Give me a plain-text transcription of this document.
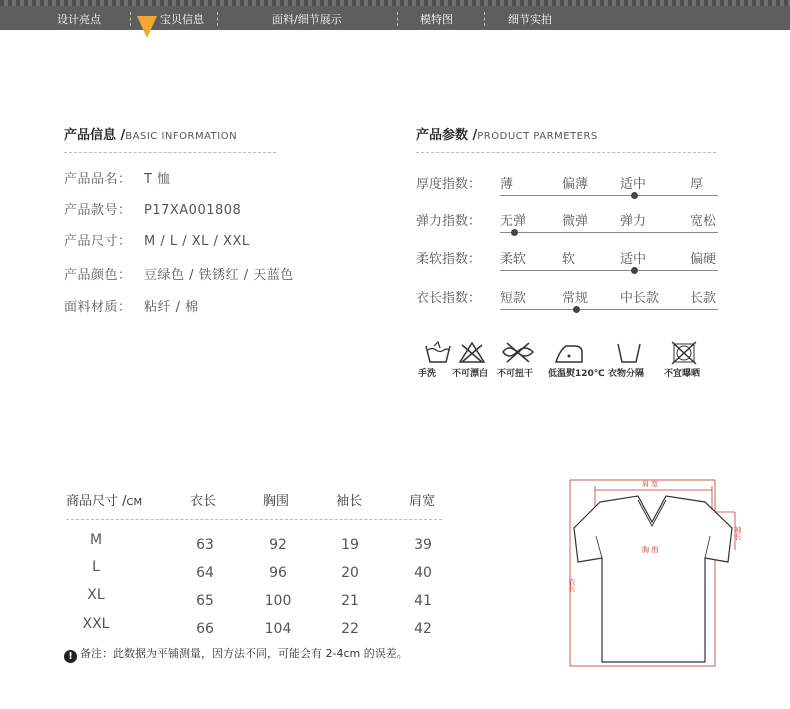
设计亮点	宝贝信息	面料/细节展示	模特图	细节实拍
产品信息 /BASIC INFORMATION
产品品名： T 恤
产品款号： P17XA001808
产品尺寸： M / L / XL / XXL
产品颜色： 豆绿色 / 铁锈红 / 天蓝色
面料材质： 粘纤 / 棉
产品参数 /PRODUCT PARMETERS
厚度指数： 薄	偏薄 适中	厚
弹力指数： 无弹	微弹 弹力	宽松
柔软指数： 柔软	软	适中	偏硬
衣长指数： 短款	常规 中长款 长款
手洗 不可漂白 不可扭干 低温熨120℃ 衣物分隔 不宜曝晒
商品尺寸 /CM	衣长	胸围	袖长	肩宽
M	63	92	19	39
L	64	96	20	40
XL	65	100	21	41
XXL	66	104	22	42
! 备注：此数据为平铺测量，因方法不同，可能会有 2-4cm 的误差。
肩 宽
胸 围
袖长
衣长
